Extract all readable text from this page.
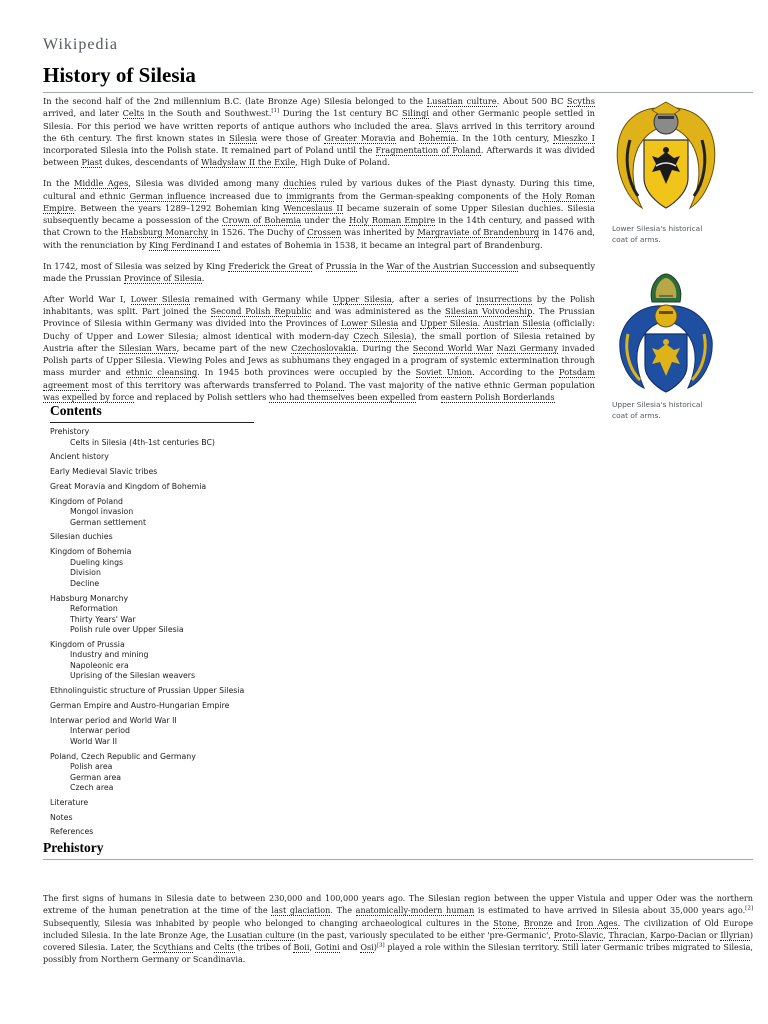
Wikipedia
History of Silesia

In the second half of the 2nd millennium B.C. (late Bronze Age) Silesia belonged to the Lusatian culture. About 500 BC Scyths arrived, and later Celts in the South and Southwest.[1] During the 1st century BC Silingi and other Germanic people settled in Silesia. For this period we have written reports of antique authors who included the area. Slavs arrived in this territory around the 6th century. The first known states in Silesia were those of Greater Moravia and Bohemia. In the 10th century, Mieszko I incorporated Silesia into the Polish state. It remained part of Poland until the Fragmentation of Poland. Afterwards it was divided between Piast dukes, descendants of Władysław II the Exile, High Duke of Poland.

In the Middle Ages, Silesia was divided among many duchies ruled by various dukes of the Piast dynasty. During this time, cultural and ethnic German influence increased due to immigrants from the German-speaking components of the Holy Roman Empire. Between the years 1289–1292 Bohemian king Wenceslaus II became suzerain of some Upper Silesian duchies. Silesia subsequently became a possession of the Crown of Bohemia under the Holy Roman Empire in the 14th century, and passed with that Crown to the Habsburg Monarchy in 1526. The Duchy of Crossen was inherited by Margraviate of Brandenburg in 1476 and, with the renunciation by King Ferdinand I and estates of Bohemia in 1538, it became an integral part of Brandenburg.

In 1742, most of Silesia was seized by King Frederick the Great of Prussia in the War of the Austrian Succession and subsequently made the Prussian Province of Silesia.

After World War I, Lower Silesia remained with Germany while Upper Silesia, after a series of insurrections by the Polish inhabitants, was split. Part joined the Second Polish Republic and was administered as the Silesian Voivodeship. The Prussian Province of Silesia within Germany was divided into the Provinces of Lower Silesia and Upper Silesia. Austrian Silesia (officially: Duchy of Upper and Lower Silesia; almost identical with modern-day Czech Silesia), the small portion of Silesia retained by Austria after the Silesian Wars, became part of the new Czechoslovakia. During the Second World War Nazi Germany invaded Polish parts of Upper Silesia. Viewing Poles and Jews as subhumans they engaged in a program of systemic extermination through mass murder and ethnic cleansing. In 1945 both provinces were occupied by the Soviet Union. According to the Potsdam agreement most of this territory was afterwards transferred to Poland. The vast majority of the native ethnic German population was expelled by force and replaced by Polish settlers who had themselves been expelled from eastern Polish Borderlands

Lower Silesia's historical coat of arms.
Upper Silesia's historical coat of arms.
Contents
Prehistory
Celts in Silesia (4th-1st centuries BC)
Ancient history
Early Medieval Slavic tribes
Great Moravia and Kingdom of Bohemia
Kingdom of Poland
Mongol invasion
German settlement
Silesian duchies
Kingdom of Bohemia
Dueling kings
Division
Decline
Habsburg Monarchy
Reformation
Thirty Years' War
Polish rule over Upper Silesia
Kingdom of Prussia
Industry and mining
Napoleonic era
Uprising of the Silesian weavers
Ethnolinguistic structure of Prussian Upper Silesia
German Empire and Austro-Hungarian Empire
Interwar period and World War II
Interwar period
World War II
Poland, Czech Republic and Germany
Polish area
German area
Czech area
Literature
Notes
References
Prehistory
The first signs of humans in Silesia date to between 230,000 and 100,000 years ago. The Silesian region between the upper Vistula and upper Oder was the northern extreme of the human penetration at the time of the last glaciation. The anatomically-modern human is estimated to have arrived in Silesia about 35,000 years ago.[2] Subsequently, Silesia was inhabited by people who belonged to changing archaeological cultures in the Stone, Bronze and Iron Ages. The civilization of Old Europe included Silesia. In the late Bronze Age, the Lusatian culture (in the past, variously speculated to be either 'pre-Germanic', Proto-Slavic, Thracian, Karpo-Dacian or Illyrian) covered Silesia. Later, the Scythians and Celts (the tribes of Boii, Gotini and Osi)[3] played a role within the Silesian territory. Still later Germanic tribes migrated to Silesia, possibly from Northern Germany or Scandinavia.
